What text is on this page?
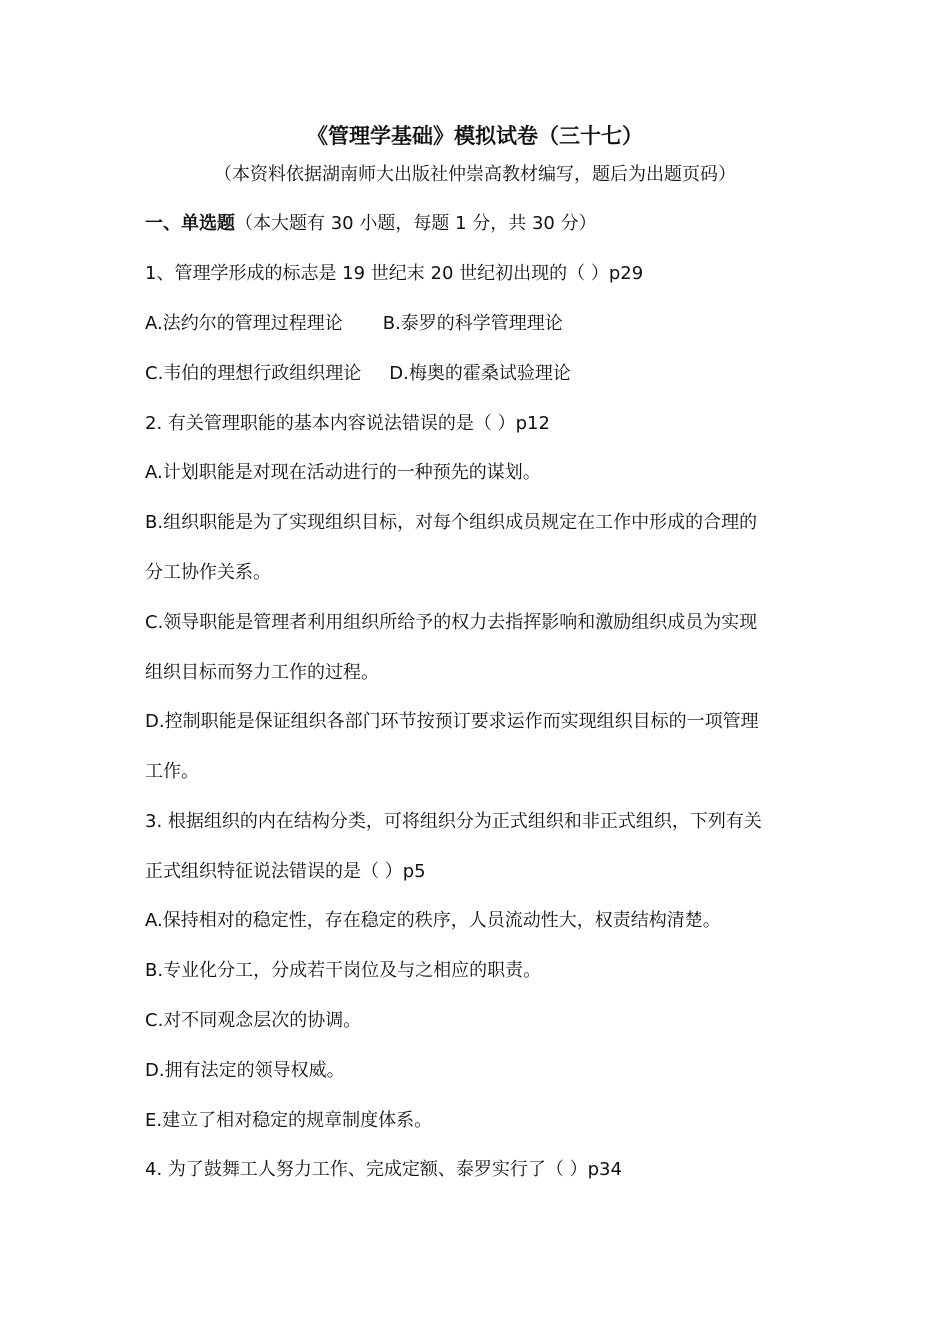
《管理学基础》模拟试卷（三十七）
（本资料依据湖南师大出版社仲崇高教材编写，题后为出题页码）
一、单选题（本大题有 30 小题，每题 1 分，共 30 分）
1、管理学形成的标志是 19 世纪末 20 世纪初出现的（ ）p29
A.法约尔的管理过程理论 B.泰罗的科学管理理论
C.韦伯的理想行政组织理论 D.梅奥的霍桑试验理论
2. 有关管理职能的基本内容说法错误的是（ ）p12
A.计划职能是对现在活动进行的一种预先的谋划。
B.组织职能是为了实现组织目标，对每个组织成员规定在工作中形成的合理的
分工协作关系。
C.领导职能是管理者利用组织所给予的权力去指挥影响和激励组织成员为实现
组织目标而努力工作的过程。
D.控制职能是保证组织各部门环节按预订要求运作而实现组织目标的一项管理
工作。
3. 根据组织的内在结构分类，可将组织分为正式组织和非正式组织，下列有关
正式组织特征说法错误的是（ ）p5
A.保持相对的稳定性，存在稳定的秩序，人员流动性大，权责结构清楚。
B.专业化分工，分成若干岗位及与之相应的职责。
C.对不同观念层次的协调。
D.拥有法定的领导权威。
E.建立了相对稳定的规章制度体系。
4. 为了鼓舞工人努力工作、完成定额、泰罗实行了（ ）p34
